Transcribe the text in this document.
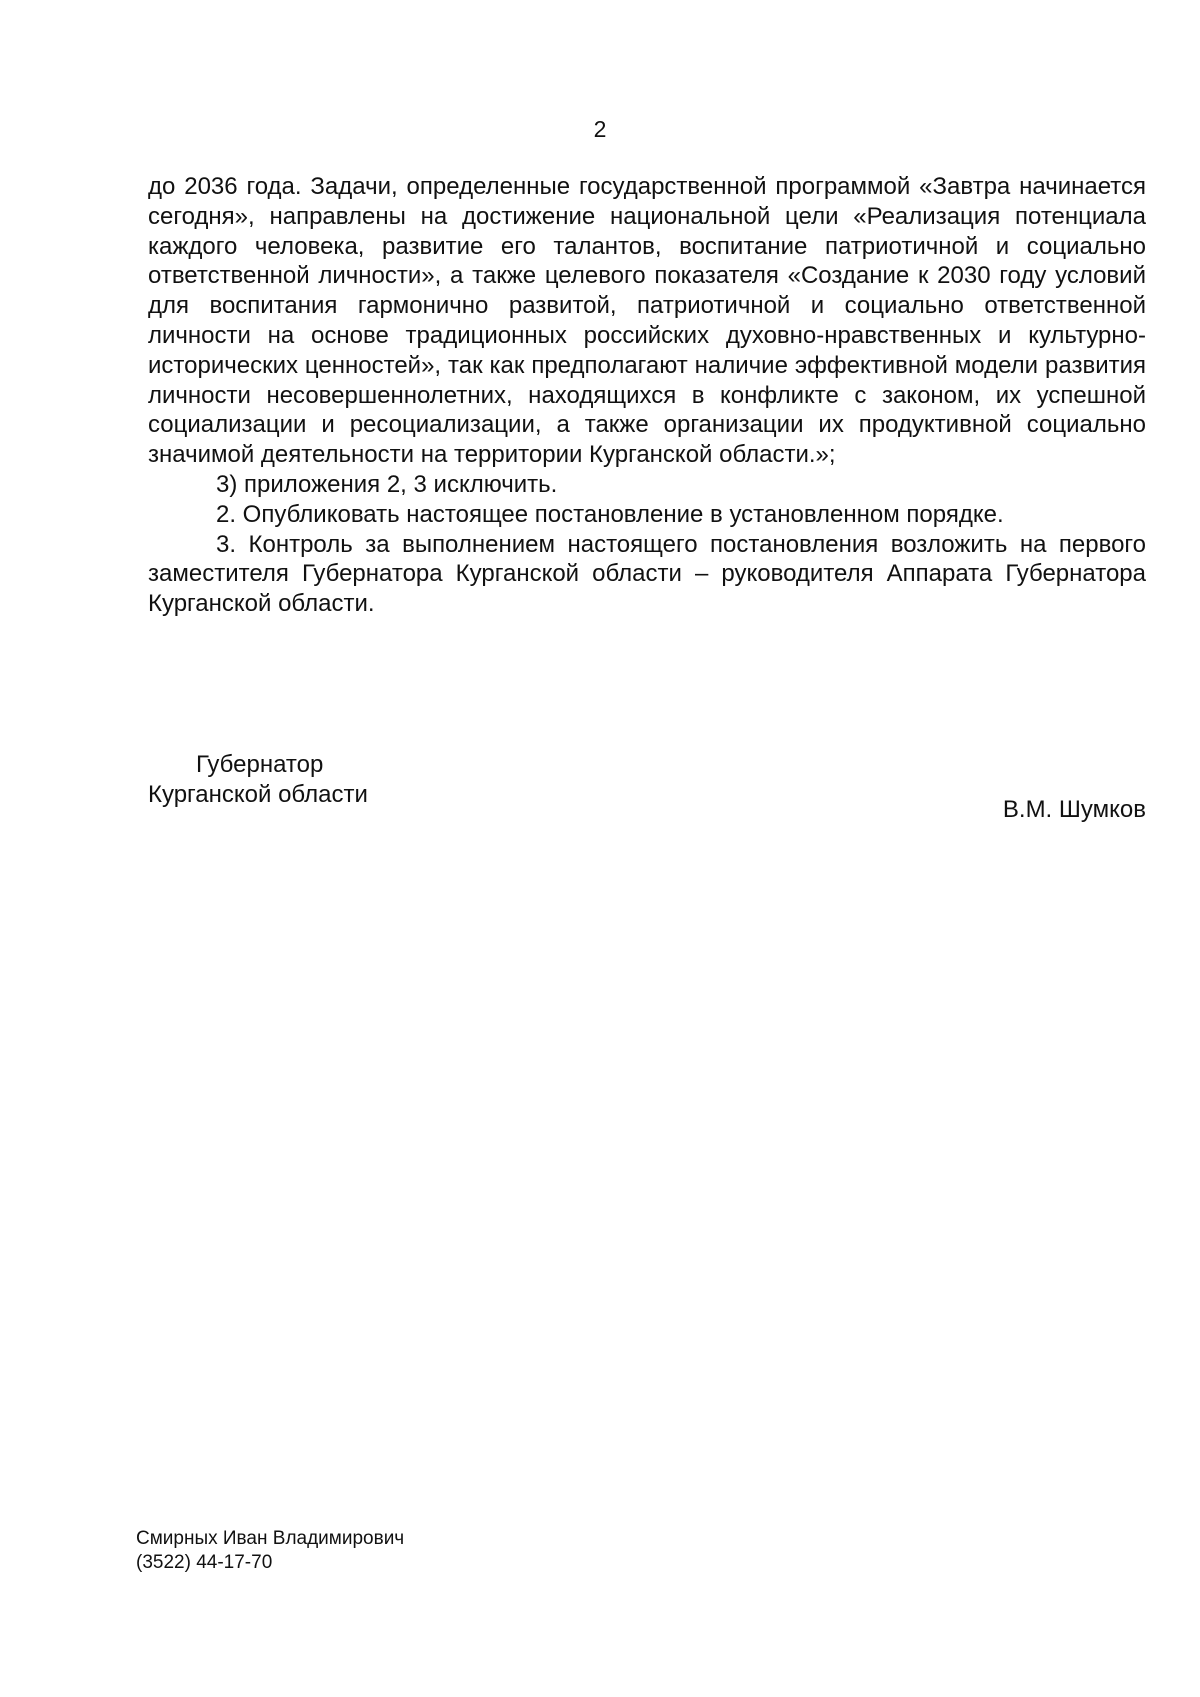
2

до 2036 года. Задачи, определенные государственной программой «Завтра начинается сегодня», направлены на достижение национальной цели «Реализация потенциала каждого человека, развитие его талантов, воспитание патриотичной и социально ответственной личности», а также целевого показателя «Создание к 2030 году условий для воспитания гармонично развитой, патриотичной и социально ответственной личности на основе традиционных российских духовно-нравственных и культурно-исторических ценностей», так как предполагают наличие эффективной модели развития личности несовершеннолетних, находящихся в конфликте с законом, их успешной социализации и ресоциализации, а также организации их продуктивной социально значимой деятельности на территории Курганской области.»;

3) приложения 2, 3 исключить.

2. Опубликовать настоящее постановление в установленном порядке.

3. Контроль за выполнением настоящего постановления возложить на первого заместителя Губернатора Курганской области – руководителя Аппарата Губернатора Курганской области.

Губернатор
Курганской области
В.М. Шумков
Смирных Иван Владимирович
(3522) 44-17-70
